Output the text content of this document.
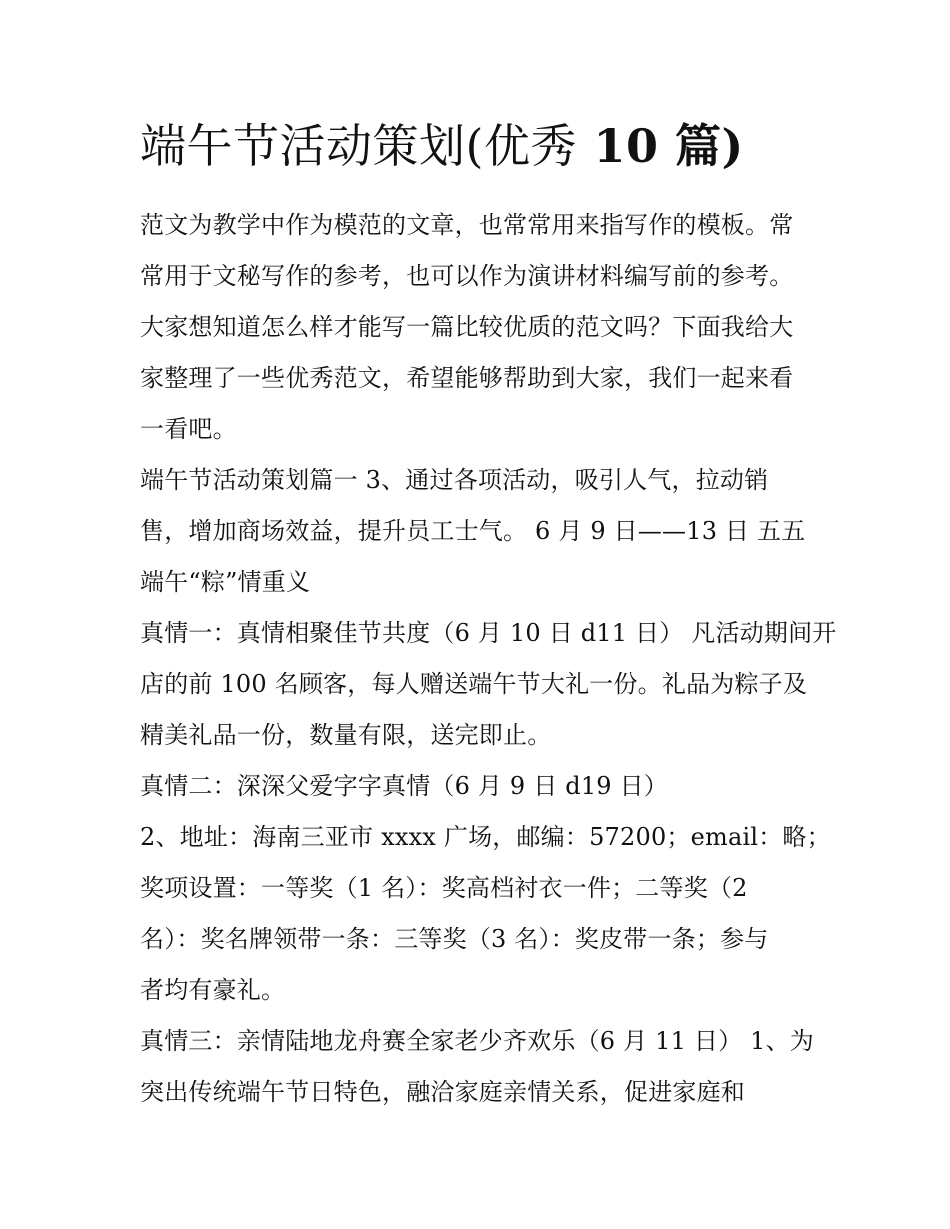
端午节活动策划(优秀 10 篇)

范文为教学中作为模范的文章，也常常用来指写作的模板。常

常用于文秘写作的参考，也可以作为演讲材料编写前的参考。

大家想知道怎么样才能写一篇比较优质的范文吗？下面我给大

家整理了一些优秀范文，希望能够帮助到大家，我们一起来看

一看吧。

端午节活动策划篇一 3、通过各项活动，吸引人气，拉动销

售，增加商场效益，提升员工士气。 6 月 9 日——13 日 五五

端午“粽”情重义

真情一：真情相聚佳节共度（6 月 10 日 d11 日） 凡活动期间开

店的前 100 名顾客，每人赠送端午节大礼一份。礼品为粽子及

精美礼品一份，数量有限，送完即止。

真情二：深深父爱字字真情（6 月 9 日 d19 日）

2、地址：海南三亚市 xxxx 广场，邮编：57200；email：略；

奖项设置：一等奖（1 名）：奖高档衬衣一件；二等奖（2

名）：奖名牌领带一条：三等奖（3 名）：奖皮带一条；参与

者均有豪礼。

真情三：亲情陆地龙舟赛全家老少齐欢乐（6 月 11 日） 1、为

突出传统端午节日特色，融洽家庭亲情关系，促进家庭和
